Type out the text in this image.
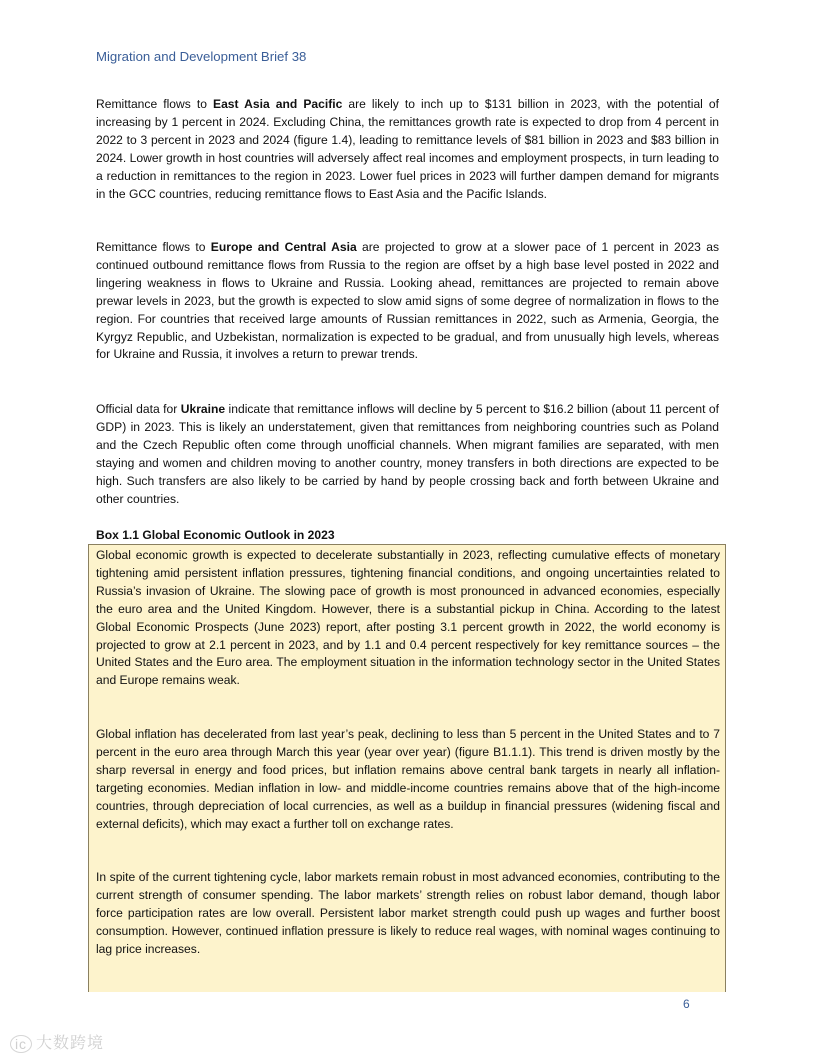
Migration and Development Brief 38

Remittance flows to East Asia and Pacific are likely to inch up to $131 billion in 2023, with the potential of increasing by 1 percent in 2024. Excluding China, the remittances growth rate is expected to drop from 4 percent in 2022 to 3 percent in 2023 and 2024 (figure 1.4), leading to remittance levels of $81 billion in 2023 and $83 billion in 2024. Lower growth in host countries will adversely affect real incomes and employment prospects, in turn leading to a reduction in remittances to the region in 2023. Lower fuel prices in 2023 will further dampen demand for migrants in the GCC countries, reducing remittance flows to East Asia and the Pacific Islands.

Remittance flows to Europe and Central Asia are projected to grow at a slower pace of 1 percent in 2023 as continued outbound remittance flows from Russia to the region are offset by a high base level posted in 2022 and lingering weakness in flows to Ukraine and Russia. Looking ahead, remittances are projected to remain above prewar levels in 2023, but the growth is expected to slow amid signs of some degree of normalization in flows to the region. For countries that received large amounts of Russian remittances in 2022, such as Armenia, Georgia, the Kyrgyz Republic, and Uzbekistan, normalization is expected to be gradual, and from unusually high levels, whereas for Ukraine and Russia, it involves a return to prewar trends.

Official data for Ukraine indicate that remittance inflows will decline by 5 percent to $16.2 billion (about 11 percent of GDP) in 2023. This is likely an understatement, given that remittances from neighboring countries such as Poland and the Czech Republic often come through unofficial channels. When migrant families are separated, with men staying and women and children moving to another country, money transfers in both directions are expected to be high. Such transfers are also likely to be carried by hand by people crossing back and forth between Ukraine and other countries.

Box 1.1 Global Economic Outlook in 2023

Global economic growth is expected to decelerate substantially in 2023, reflecting cumulative effects of monetary tightening amid persistent inflation pressures, tightening financial conditions, and ongoing uncertainties related to Russia’s invasion of Ukraine. The slowing pace of growth is most pronounced in advanced economies, especially the euro area and the United Kingdom. However, there is a substantial pickup in China. According to the latest Global Economic Prospects (June 2023) report, after posting 3.1 percent growth in 2022, the world economy is projected to grow at 2.1 percent in 2023, and by 1.1 and 0.4 percent respectively for key remittance sources – the United States and the Euro area. The employment situation in the information technology sector in the United States and Europe remains weak.

Global inflation has decelerated from last year’s peak, declining to less than 5 percent in the United States and to 7 percent in the euro area through March this year (year over year) (figure B1.1.1). This trend is driven mostly by the sharp reversal in energy and food prices, but inflation remains above central bank targets in nearly all inflation-targeting economies. Median inflation in low- and middle-income countries remains above that of the high-income countries, through depreciation of local currencies, as well as a buildup in financial pressures (widening fiscal and external deficits), which may exact a further toll on exchange rates.

In spite of the current tightening cycle, labor markets remain robust in most advanced economies, contributing to the current strength of consumer spending. The labor markets’ strength relies on robust labor demand, though labor force participation rates are low overall. Persistent labor market strength could push up wages and further boost consumption. However, continued inflation pressure is likely to reduce real wages, with nominal wages continuing to lag price increases.

6
ic 大数跨境
